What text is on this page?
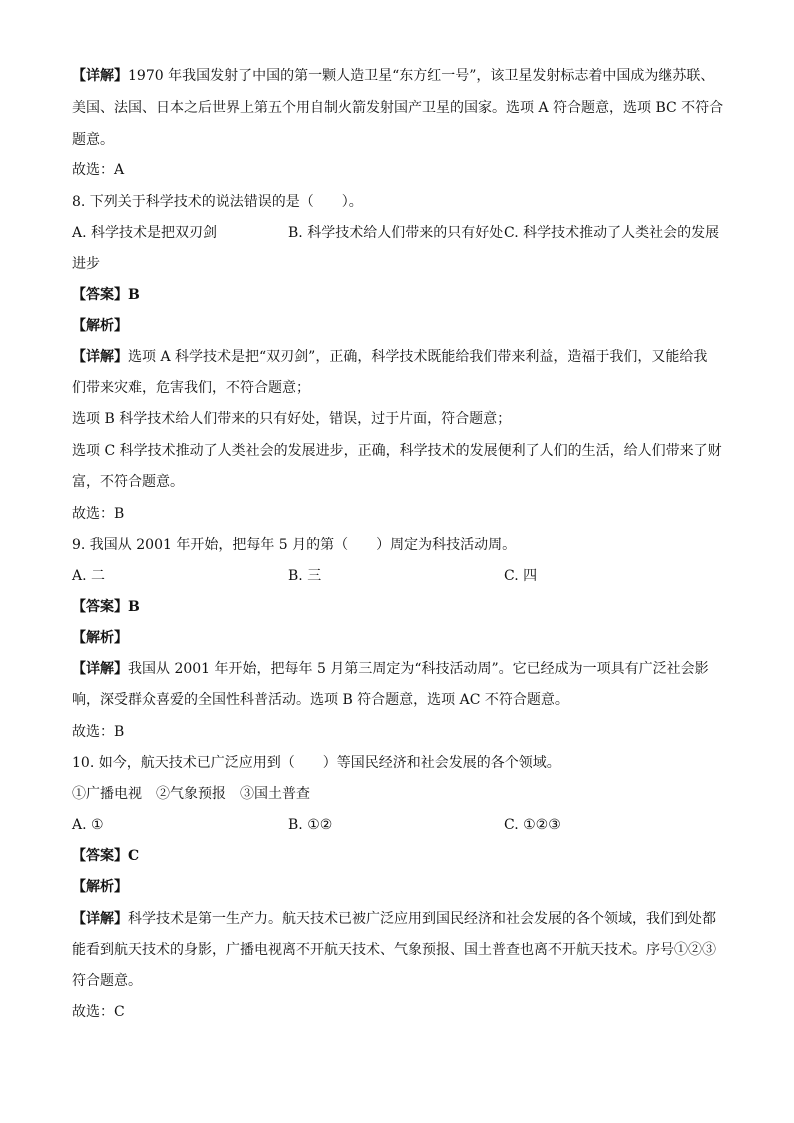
【详解】1970 年我国发射了中国的第一颗人造卫星“东方红一号”，该卫星发射标志着中国成为继苏联、
美国、法国、日本之后世界上第五个用自制火箭发射国产卫星的国家。选项 A 符合题意，选项 BC 不符合
题意。
故选：A
8. 下列关于科学技术的说法错误的是（　　）。
A. 科学技术是把双刃剑	B. 科学技术给人们带来的只有好处 C. 科学技术推动了人类社会的发展
进步
【答案】B
【解析】
【详解】选项 A 科学技术是把“双刃剑”，正确，科学技术既能给我们带来利益，造福于我们，又能给我
们带来灾难，危害我们，不符合题意；
选项 B 科学技术给人们带来的只有好处，错误，过于片面，符合题意；
选项 C 科学技术推动了人类社会的发展进步，正确，科学技术的发展便利了人们的生活，给人们带来了财
富，不符合题意。
故选：B
9. 我国从 2001 年开始，把每年 5 月的第（　　）周定为科技活动周。
A. 二	B. 三	C. 四
【答案】B
【解析】
【详解】我国从 2001 年开始，把每年 5 月第三周定为“科技活动周”。它已经成为一项具有广泛社会影
响，深受群众喜爱的全国性科普活动。选项 B 符合题意，选项 AC 不符合题意。
故选：B
10. 如今，航天技术已广泛应用到（　　）等国民经济和社会发展的各个领域。
①广播电视　②气象预报　③国土普查
A. ①	B. ①②	C. ①②③
【答案】C
【解析】
【详解】科学技术是第一生产力。航天技术已被广泛应用到国民经济和社会发展的各个领域，我们到处都
能看到航天技术的身影，广播电视离不开航天技术、气象预报、国土普查也离不开航天技术。序号①②③
符合题意。
故选：C
